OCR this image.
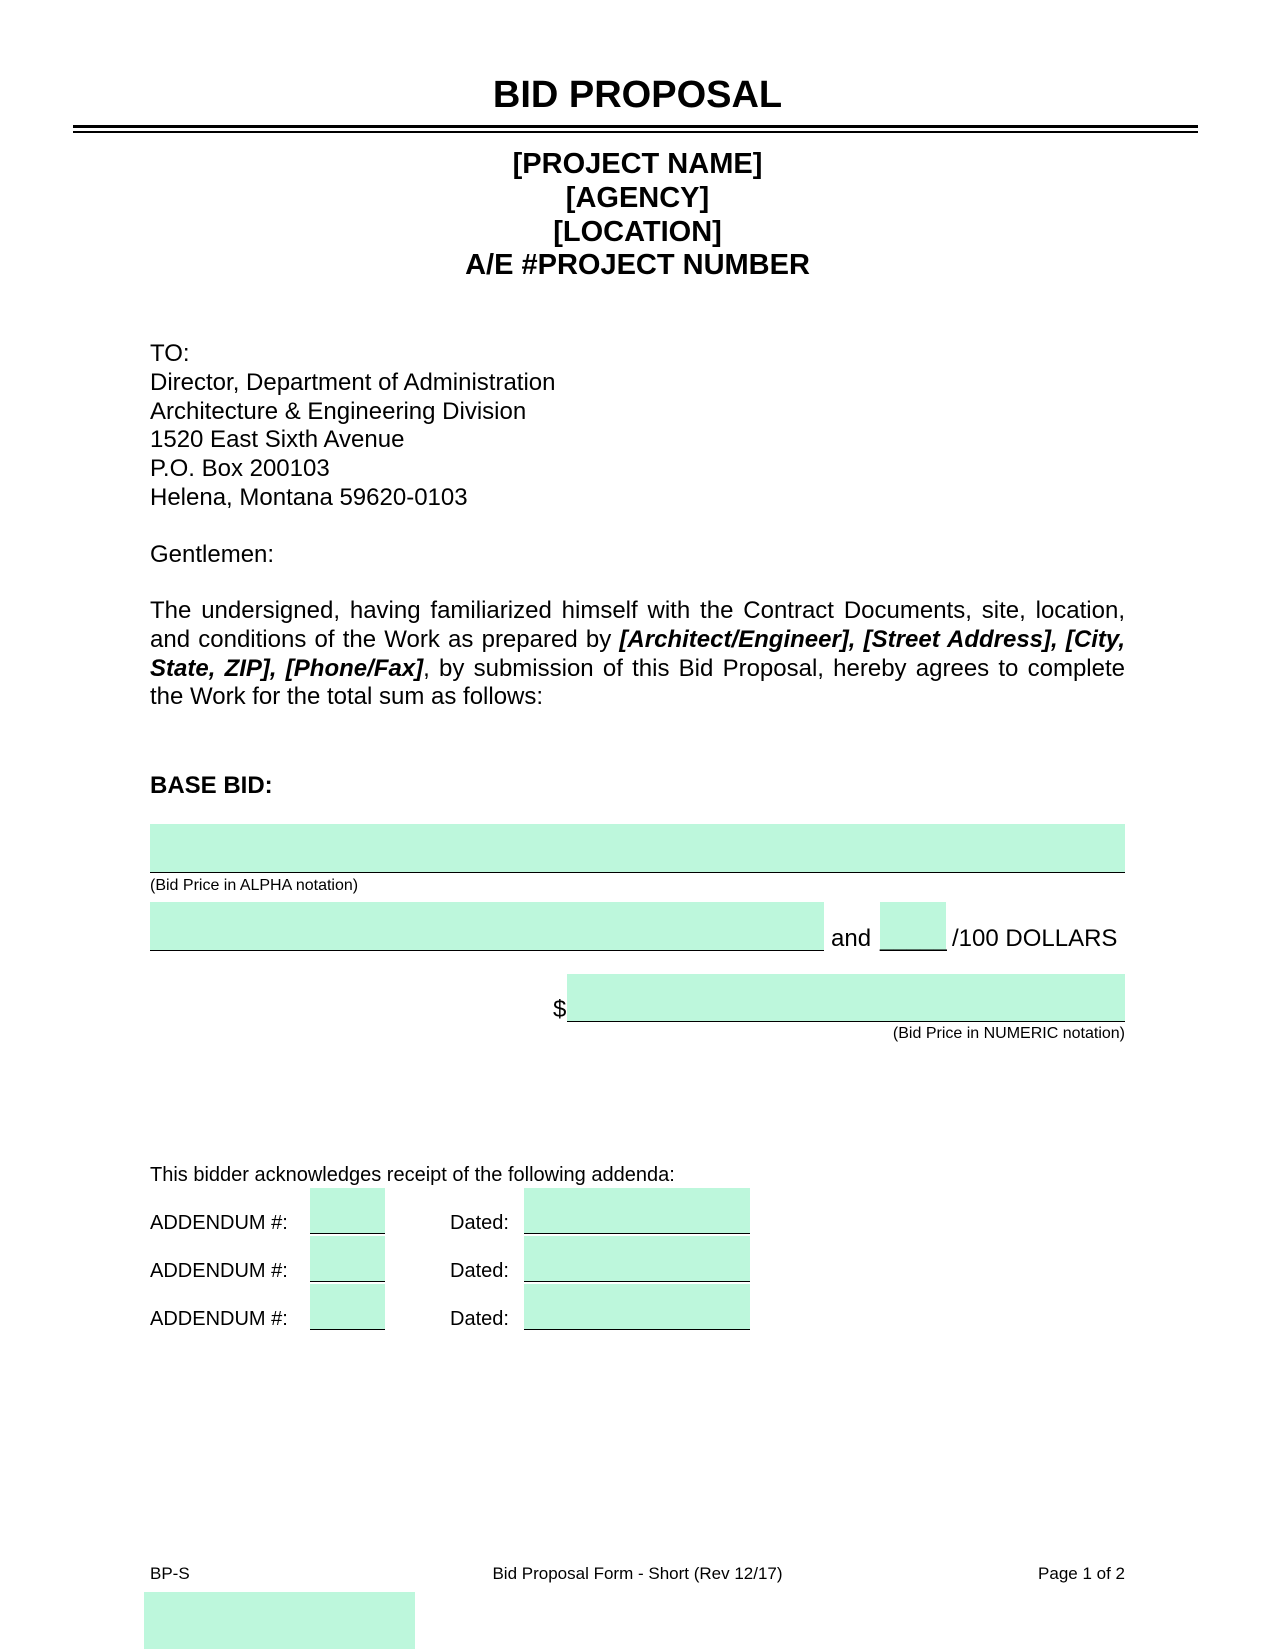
BID PROPOSAL
[PROJECT NAME]
[AGENCY]
[LOCATION]
A/E #PROJECT NUMBER
TO:
Director, Department of Administration
Architecture & Engineering Division
1520 East Sixth Avenue
P.O. Box 200103
Helena, Montana 59620-0103
Gentlemen:
The undersigned, having familiarized himself with the Contract Documents, site, location, and conditions of the Work as prepared by [Architect/Engineer], [Street Address], [City, State, ZIP], [Phone/Fax], by submission of this Bid Proposal, hereby agrees to complete the Work for the total sum as follows:
BASE BID:
(Bid Price in ALPHA notation)
and _____ /100 DOLLARS
$
(Bid Price in NUMERIC notation)
This bidder acknowledges receipt of the following addenda:
ADDENDUM #:	Dated:
ADDENDUM #:	Dated:
ADDENDUM #:	Dated:
BP-S	Bid Proposal Form - Short (Rev 12/17)	Page 1 of 2
